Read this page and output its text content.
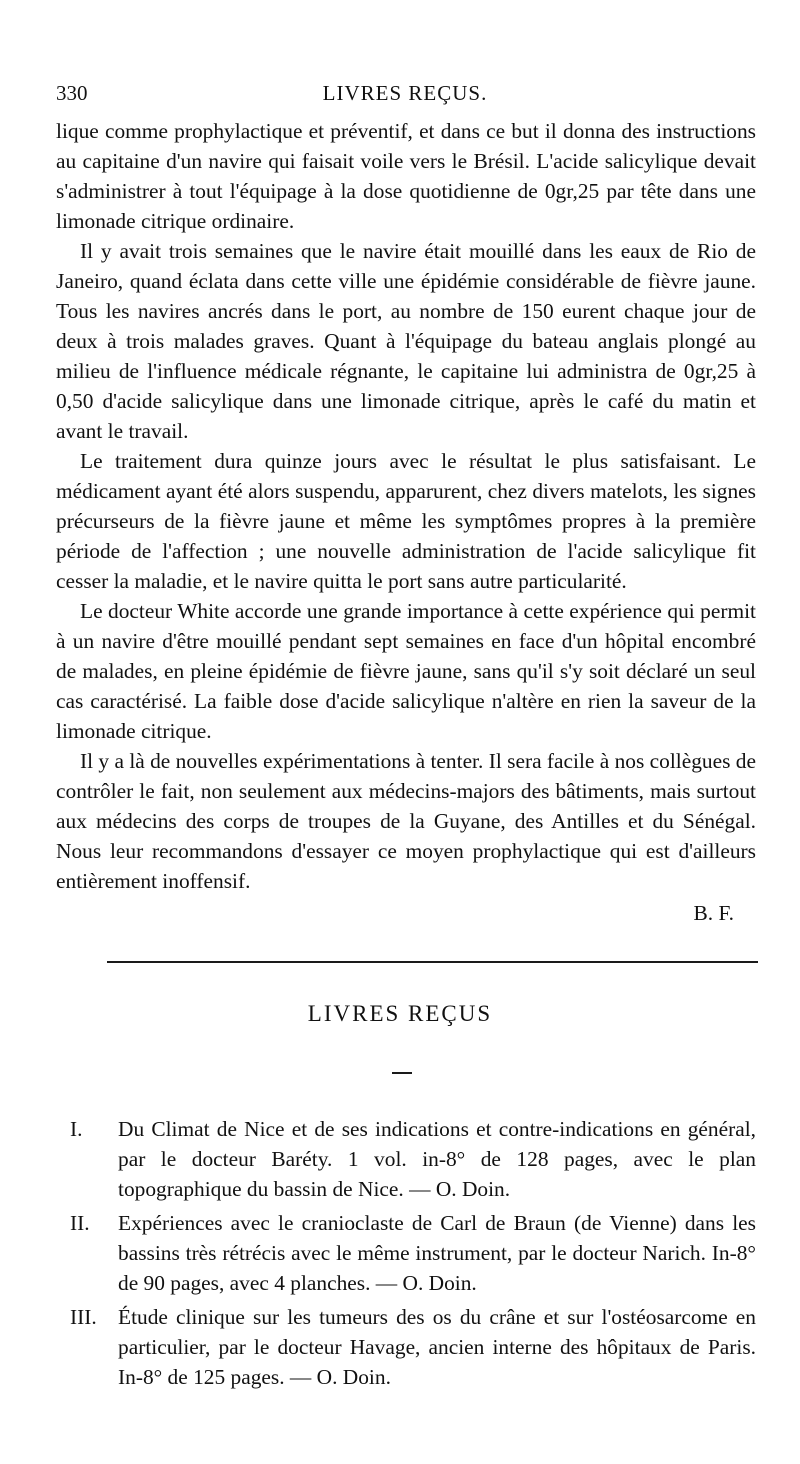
330	LIVRES REÇUS.

lique comme prophylactique et préventif, et dans ce but il donna des instructions au capitaine d'un navire qui faisait voile vers le Brésil. L'acide salicylique devait s'administrer à tout l'équipage à la dose quotidienne de 0gr,25 par tête dans une limonade citrique ordinaire.

Il y avait trois semaines que le navire était mouillé dans les eaux de Rio de Janeiro, quand éclata dans cette ville une épidémie considérable de fièvre jaune. Tous les navires ancrés dans le port, au nombre de 150 eurent chaque jour de deux à trois malades graves. Quant à l'équipage du bateau anglais plongé au milieu de l'influence médicale régnante, le capitaine lui administra de 0gr,25 à 0,50 d'acide salicylique dans une limonade citrique, après le café du matin et avant le travail.

Le traitement dura quinze jours avec le résultat le plus satisfaisant. Le médicament ayant été alors suspendu, apparurent, chez divers matelots, les signes précurseurs de la fièvre jaune et même les symptômes propres à la première période de l'affection ; une nouvelle administration de l'acide salicylique fit cesser la maladie, et le navire quitta le port sans autre particularité.

Le docteur White accorde une grande importance à cette expérience qui permit à un navire d'être mouillé pendant sept semaines en face d'un hôpital encombré de malades, en pleine épidémie de fièvre jaune, sans qu'il s'y soit déclaré un seul cas caractérisé. La faible dose d'acide salicylique n'altère en rien la saveur de la limonade citrique.

Il y a là de nouvelles expérimentations à tenter. Il sera facile à nos collègues de contrôler le fait, non seulement aux médecins-majors des bâtiments, mais surtout aux médecins des corps de troupes de la Guyane, des Antilles et du Sénégal. Nous leur recommandons d'essayer ce moyen prophylactique qui est d'ailleurs entièrement inoffensif.

B. F.
LIVRES REÇUS
I.	Du Climat de Nice et de ses indications et contre-indications en général, par le docteur Baréty. 1 vol. in-8° de 128 pages, avec le plan topographique du bassin de Nice. — O. Doin.
II.	Expériences avec le cranioclaste de Carl de Braun (de Vienne) dans les bassins très rétrécis avec le même instrument, par le docteur Narich. In-8° de 90 pages, avec 4 planches. — O. Doin.
III. Étude clinique sur les tumeurs des os du crâne et sur l'ostéosarcome en particulier, par le docteur Havage, ancien interne des hôpitaux de Paris. In-8° de 125 pages. — O. Doin.
